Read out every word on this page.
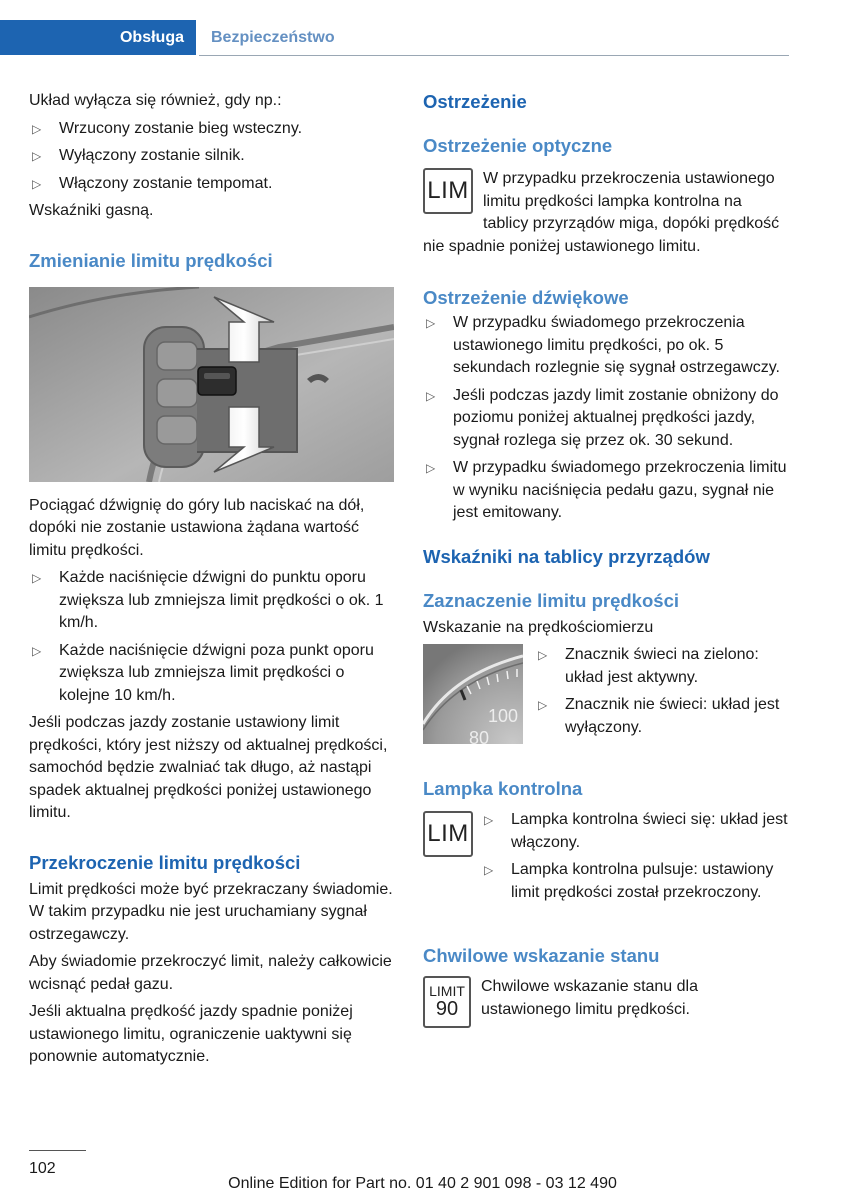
Obsługa Bezpieczeństwo

Układ wyłącza się również, gdy np.:

▷ Wrzucony zostanie bieg wsteczny.
▷ Wyłączony zostanie silnik.
▷ Włączony zostanie tempomat.

Wskaźniki gasną.

Zmienianie limitu prędkości

Pociągać dźwignię do góry lub naciskać na dół, dopóki nie zostanie ustawiona żądana wartość limitu prędkości.

▷ Każde naciśnięcie dźwigni do punktu oporu zwiększa lub zmniejsza limit prędkości o ok. 1 km/h.
▷ Każde naciśnięcie dźwigni poza punkt oporu zwiększa lub zmniejsza limit prędkości o kolejne 10 km/h.

Jeśli podczas jazdy zostanie ustawiony limit prędkości, który jest niższy od aktualnej prędkości, samochód będzie zwalniać tak długo, aż nastąpi spadek aktualnej prędkości poniżej ustawionego limitu.

Przekroczenie limitu prędkości

Limit prędkości może być przekraczany świadomie. W takim przypadku nie jest uruchamiany sygnał ostrzegawczy.

Aby świadomie przekroczyć limit, należy całkowicie wcisnąć pedał gazu.

Jeśli aktualna prędkość jazdy spadnie poniżej ustawionego limitu, ograniczenie uaktywni się ponownie automatycznie.

Ostrzeżenie
Ostrzeżenie optyczne
LIM W przypadku przekroczenia ustawionego limitu prędkości lampka kontrolna na tablicy przyrządów miga, dopóki prędkość nie spadnie poniżej ustawionego limitu.
Ostrzeżenie dźwiękowe
▷ W przypadku świadomego przekroczenia ustawionego limitu prędkości, po ok. 5 sekundach rozlegnie się sygnał ostrzegawczy.
▷ Jeśli podczas jazdy limit zostanie obniżony do poziomu poniżej aktualnej prędkości jazdy, sygnał rozlega się przez ok. 30 sekund.
▷ W przypadku świadomego przekroczenia limitu w wyniku naciśnięcia pedału gazu, sygnał nie jest emitowany.
Wskaźniki na tablicy przyrządów
Zaznaczenie limitu prędkości

Wskazanie na prędkościomierzu

100
80
▷ Znacznik świeci na zielono: układ jest aktywny.
▷ Znacznik nie świeci: układ jest wyłączony.
Lampka kontrolna
LIM
▷ Lampka kontrolna świeci się: układ jest włączony.
▷ Lampka kontrolna pulsuje: ustawiony limit prędkości został przekroczony.
Chwilowe wskazanie stanu
LIMIT
90
Chwilowe wskazanie stanu dla ustawionego limitu prędkości.
102
Online Edition for Part no. 01 40 2 901 098 - 03 12 490
